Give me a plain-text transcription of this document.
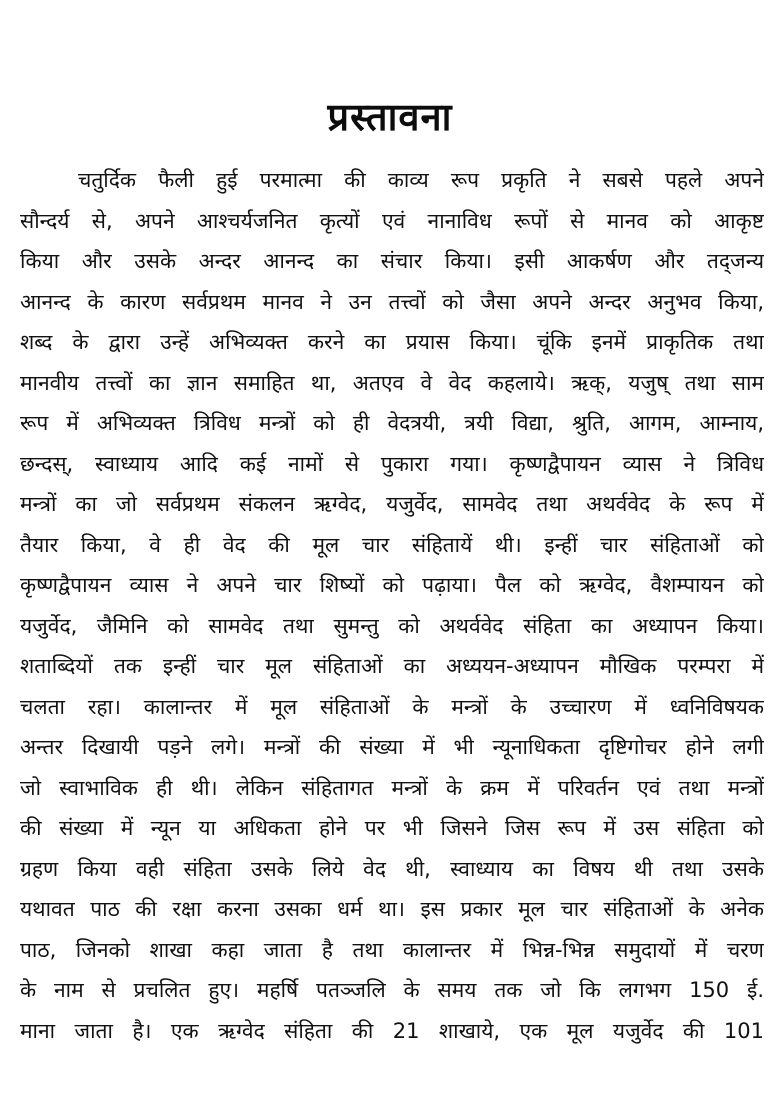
प्रस्तावना
चतुर्दिक फैली हुई परमात्मा की काव्य रूप प्रकृति ने सबसे पहले अपने
सौन्दर्य से, अपने आश्चर्यजनित कृत्यों एवं नानाविध रूपों से मानव को आकृष्ट
किया और उसके अन्दर आनन्द का संचार किया। इसी आकर्षण और तद्‌जन्य
आनन्द के कारण सर्वप्रथम मानव ने उन तत्त्वों को जैसा अपने अन्दर अनुभव किया,
शब्द के द्वारा उन्हें अभिव्यक्त करने का प्रयास किया। चूंकि इनमें प्राकृतिक तथा
मानवीय तत्त्वों का ज्ञान समाहित था, अतएव वे वेद कहलाये। ऋक्, यजुष् तथा साम
रूप में अभिव्यक्त त्रिविध मन्त्रों को ही वेदत्रयी, त्रयी विद्या, श्रुति, आगम, आम्नाय,
छन्दस्, स्वाध्याय आदि कई नामों से पुकारा गया। कृष्णद्वैपायन व्यास ने त्रिविध
मन्त्रों का जो सर्वप्रथम संकलन ऋग्वेद, यजुर्वेद, सामवेद तथा अथर्ववेद के रूप में
तैयार किया, वे ही वेद की मूल चार संहितायें थी। इन्हीं चार संहिताओं को
कृष्णद्वैपायन व्यास ने अपने चार शिष्यों को पढ़ाया। पैल को ऋग्वेद, वैशम्पायन को
यजुर्वेद, जैमिनि को सामवेद तथा सुमन्तु को अथर्ववेद संहिता का अध्यापन किया।
शताब्दियों तक इन्हीं चार मूल संहिताओं का अध्ययन-अध्यापन मौखिक परम्परा में
चलता रहा। कालान्तर में मूल संहिताओं के मन्त्रों के उच्चारण में ध्वनिविषयक
अन्तर दिखायी पड़ने लगे। मन्त्रों की संख्या में भी न्यूनाधिकता दृष्टिगोचर होने लगी
जो स्वाभाविक ही थी। लेकिन संहितागत मन्त्रों के क्रम में परिवर्तन एवं तथा मन्त्रों
की संख्या में न्यून या अधिकता होने पर भी जिसने जिस रूप में उस संहिता को
ग्रहण किया वही संहिता उसके लिये वेद थी, स्वाध्याय का विषय थी तथा उसके
यथावत पाठ की रक्षा करना उसका धर्म था। इस प्रकार मूल चार संहिताओं के अनेक
पाठ, जिनको शाखा कहा जाता है तथा कालान्तर में भिन्न-भिन्न समुदायों में चरण
के नाम से प्रचलित हुए। महर्षि पतञ्जलि के समय तक जो कि लगभग 150 ई.
माना जाता है। एक ऋग्वेद संहिता की 21 शाखाये, एक मूल यजुर्वेद की 101
